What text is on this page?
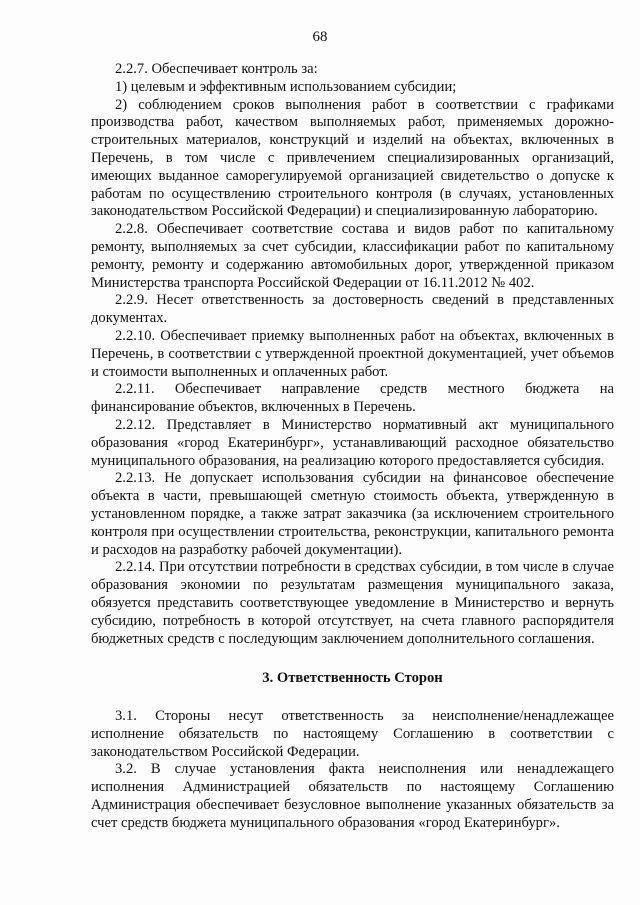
68

2.2.7. Обеспечивает контроль за:

1) целевым и эффективным использованием субсидии;

2) соблюдением сроков выполнения работ в соответствии с графиками производства работ, качеством выполняемых работ, применяемых дорожно-строительных материалов, конструкций и изделий на объектах, включенных в Перечень, в том числе с привлечением специализированных организаций, имеющих выданное саморегулируемой организацией свидетельство о допуске к работам по осуществлению строительного контроля (в случаях, установленных законодательством Российской Федерации) и специализированную лабораторию.

2.2.8. Обеспечивает соответствие состава и видов работ по капитальному ремонту, выполняемых за счет субсидии, классификации работ по капитальному ремонту, ремонту и содержанию автомобильных дорог, утвержденной приказом Министерства транспорта Российской Федерации от 16.11.2012 № 402.

2.2.9. Несет ответственность за достоверность сведений в представленных документах.

2.2.10. Обеспечивает приемку выполненных работ на объектах, включенных в Перечень, в соответствии с утвержденной проектной документацией, учет объемов и стоимости выполненных и оплаченных работ.

2.2.11. Обеспечивает направление средств местного бюджета на финансирование объектов, включенных в Перечень.

2.2.12. Представляет в Министерство нормативный акт муниципального образования «город Екатеринбург», устанавливающий расходное обязательство муниципального образования, на реализацию которого предоставляется субсидия.

2.2.13. Не допускает использования субсидии на финансовое обеспечение объекта в части, превышающей сметную стоимость объекта, утвержденную в установленном порядке, а также затрат заказчика (за исключением строительного контроля при осуществлении строительства, реконструкции, капитального ремонта и расходов на разработку рабочей документации).

2.2.14. При отсутствии потребности в средствах субсидии, в том числе в случае образования экономии по результатам размещения муниципального заказа, обязуется представить соответствующее уведомление в Министерство и вернуть субсидию, потребность в которой отсутствует, на счета главного распорядителя бюджетных средств с последующим заключением дополнительного соглашения.

3. Ответственность Сторон

3.1. Стороны несут ответственность за неисполнение/ненадлежащее исполнение обязательств по настоящему Соглашению в соответствии с законодательством Российской Федерации.

3.2. В случае установления факта неисполнения или ненадлежащего исполнения Администрацией обязательств по настоящему Соглашению Администрация обеспечивает безусловное выполнение указанных обязательств за счет средств бюджета муниципального образования «город Екатеринбург».
